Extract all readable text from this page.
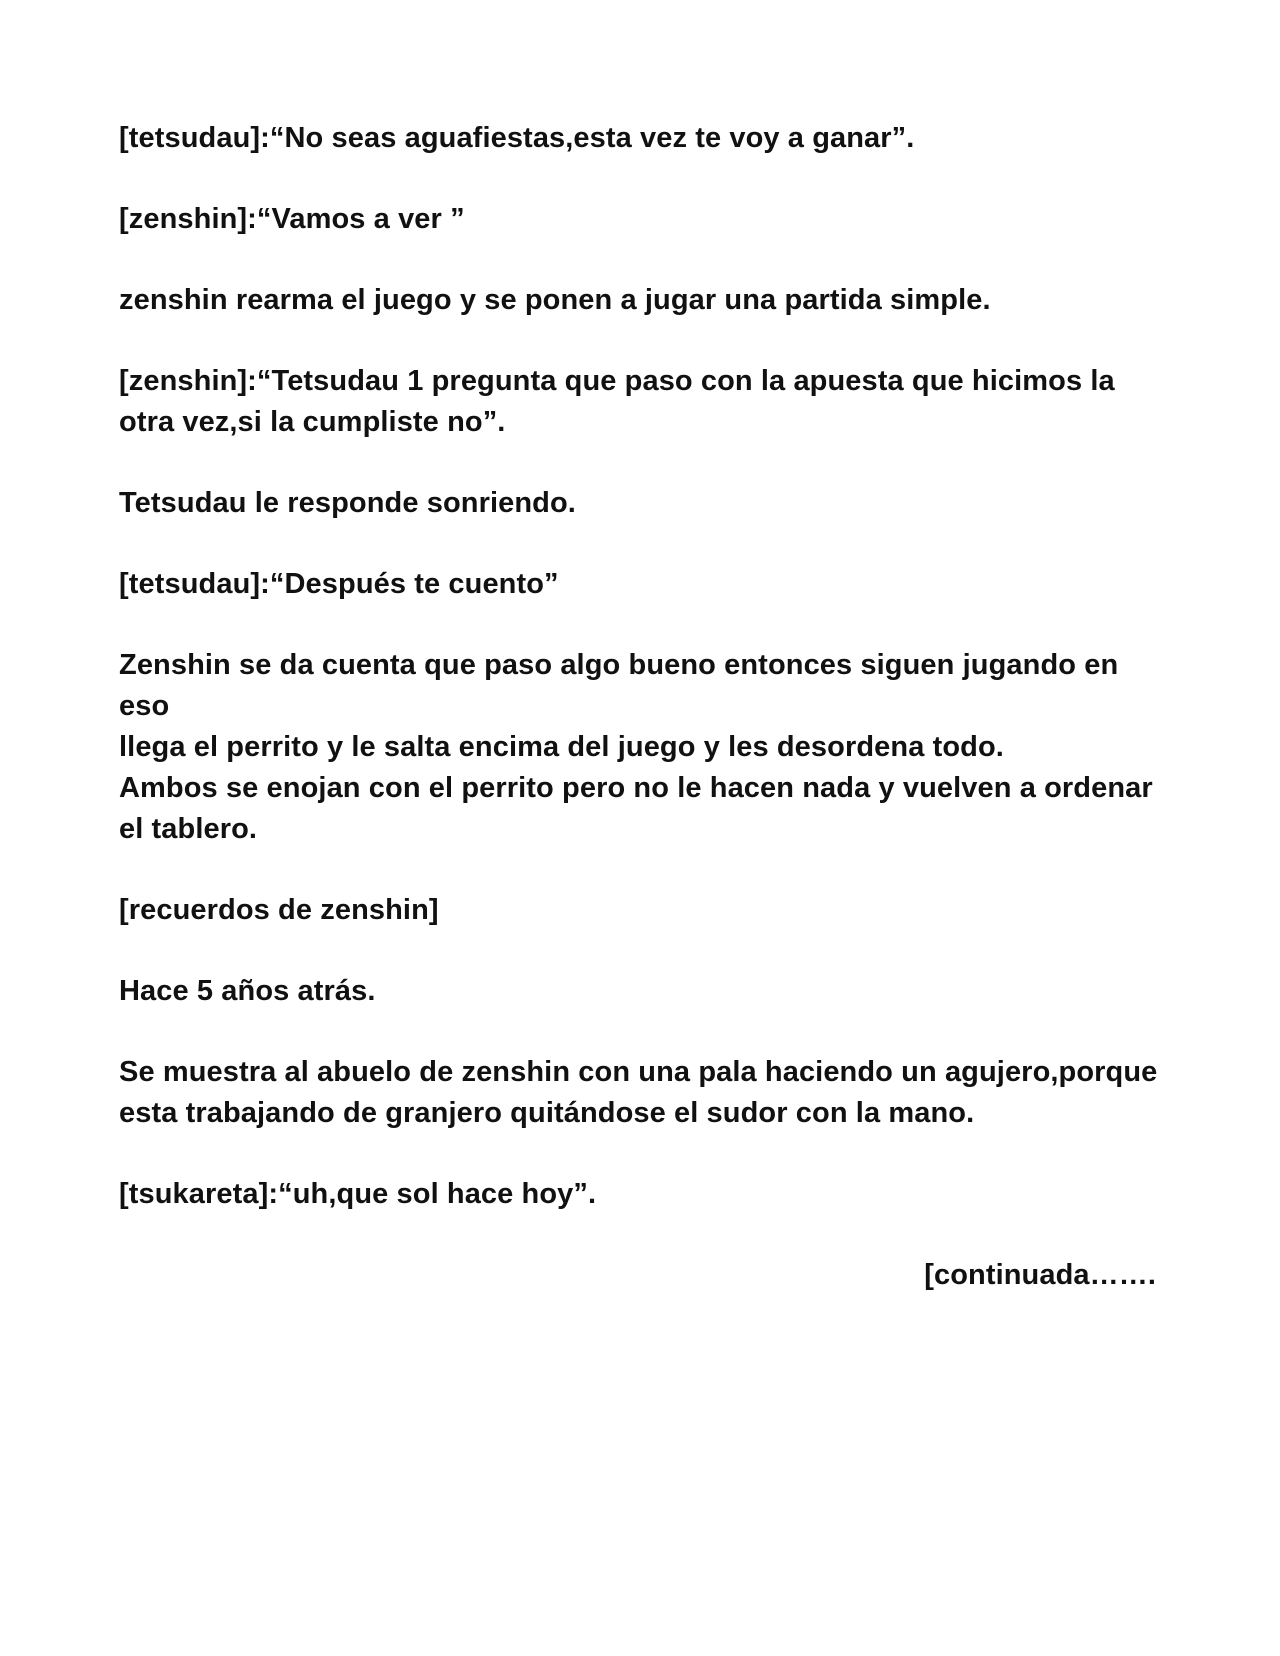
[tetsudau]:“No seas aguafiestas,esta vez te voy a ganar”.

[zenshin]:“Vamos a ver ”

zenshin rearma el juego y se ponen a jugar una partida simple.

[zenshin]:“Tetsudau 1 pregunta que paso con la apuesta que hicimos la
otra vez,si la cumpliste no”.

Tetsudau le responde sonriendo.

[tetsudau]:“Después te cuento”

Zenshin se da cuenta que paso algo bueno entonces siguen jugando en eso
llega el perrito y le salta encima del juego y les desordena todo.

Ambos se enojan con el perrito pero no le hacen nada y vuelven a ordenar
el tablero.

[recuerdos de zenshin]

Hace 5 años atrás.

Se muestra al abuelo de zenshin con una pala haciendo un agujero,porque
esta trabajando de granjero quitándose el sudor con la mano.

[tsukareta]:“uh,que sol hace hoy”.

[continuada…….
